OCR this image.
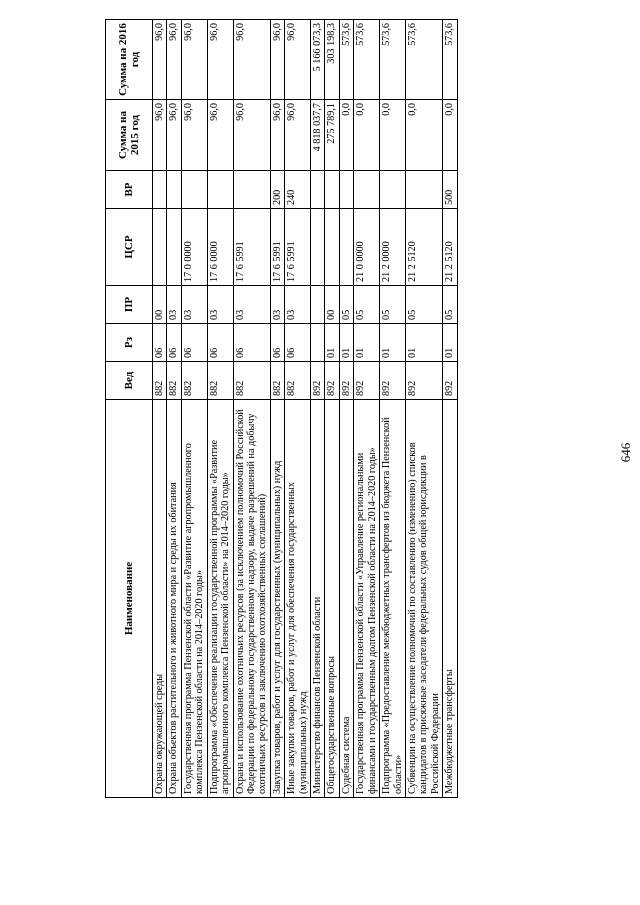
Наименование	Вед	Рз	ПР	ЦСР	ВР	Сумма на 2015 год	Сумма на 2016 год
Охрана окружающей среды	882	06	00			96,0	96,0
Охрана объектов растительного и животного мира и среды их обитания	882	06	03			96,0	96,0
Государственная программа Пензенской области «Развитие агропромышленного комплекса Пензенской области на 2014–2020 годы»	882	06	03	17 0 0000		96,0	96,0
Подпрограмма «Обеспечение реализации государственной программы «Развитие агропромышленного комплекса Пензенской области» на 2014–2020 годы»	882	06	03	17 6 0000		96,0	96,0
Охрана и использование охотничьих ресурсов (за исключением полномочий Российской Федерации по федеральному государственному надзору, выдаче разрешений на добычу охотничьих ресурсов и заключению охотхозяйственных соглашений)	882	06	03	17 6 5991		96,0	96,0
Закупка товаров, работ и услуг для государственных (муниципальных) нужд	882	06	03	17 6 5991	200	96,0	96,0
Иные закупки товаров, работ и услуг для обеспечения государственных (муниципальных) нужд	882	06	03	17 6 5991	240	96,0	96,0
Министерство финансов Пензенской области	892					4 818 037,7	5 166 073,3
Общегосударственные вопросы	892	01	00			275 789,1	303 198,3
Судебная система	892	01	05			0,0	573,6
Государственная программа Пензенской области «Управление региональными финансами и государственным долгом Пензенской области на 2014–2020 годы»	892	01	05	21 0 0000		0,0	573,6
Подпрограмма «Предоставление межбюджетных трансфертов из бюджета Пензенской области»	892	01	05	21 2 0000		0,0	573,6
Субвенции на осуществление полномочий по составлению (изменению) списков кандидатов в присяжные заседатели федеральных судов общей юрисдикции в Российской Федерации	892	01	05	21 2 5120		0,0	573,6
Межбюджетные трансферты	892	01	05	21 2 5120	500	0,0	573,6
646
